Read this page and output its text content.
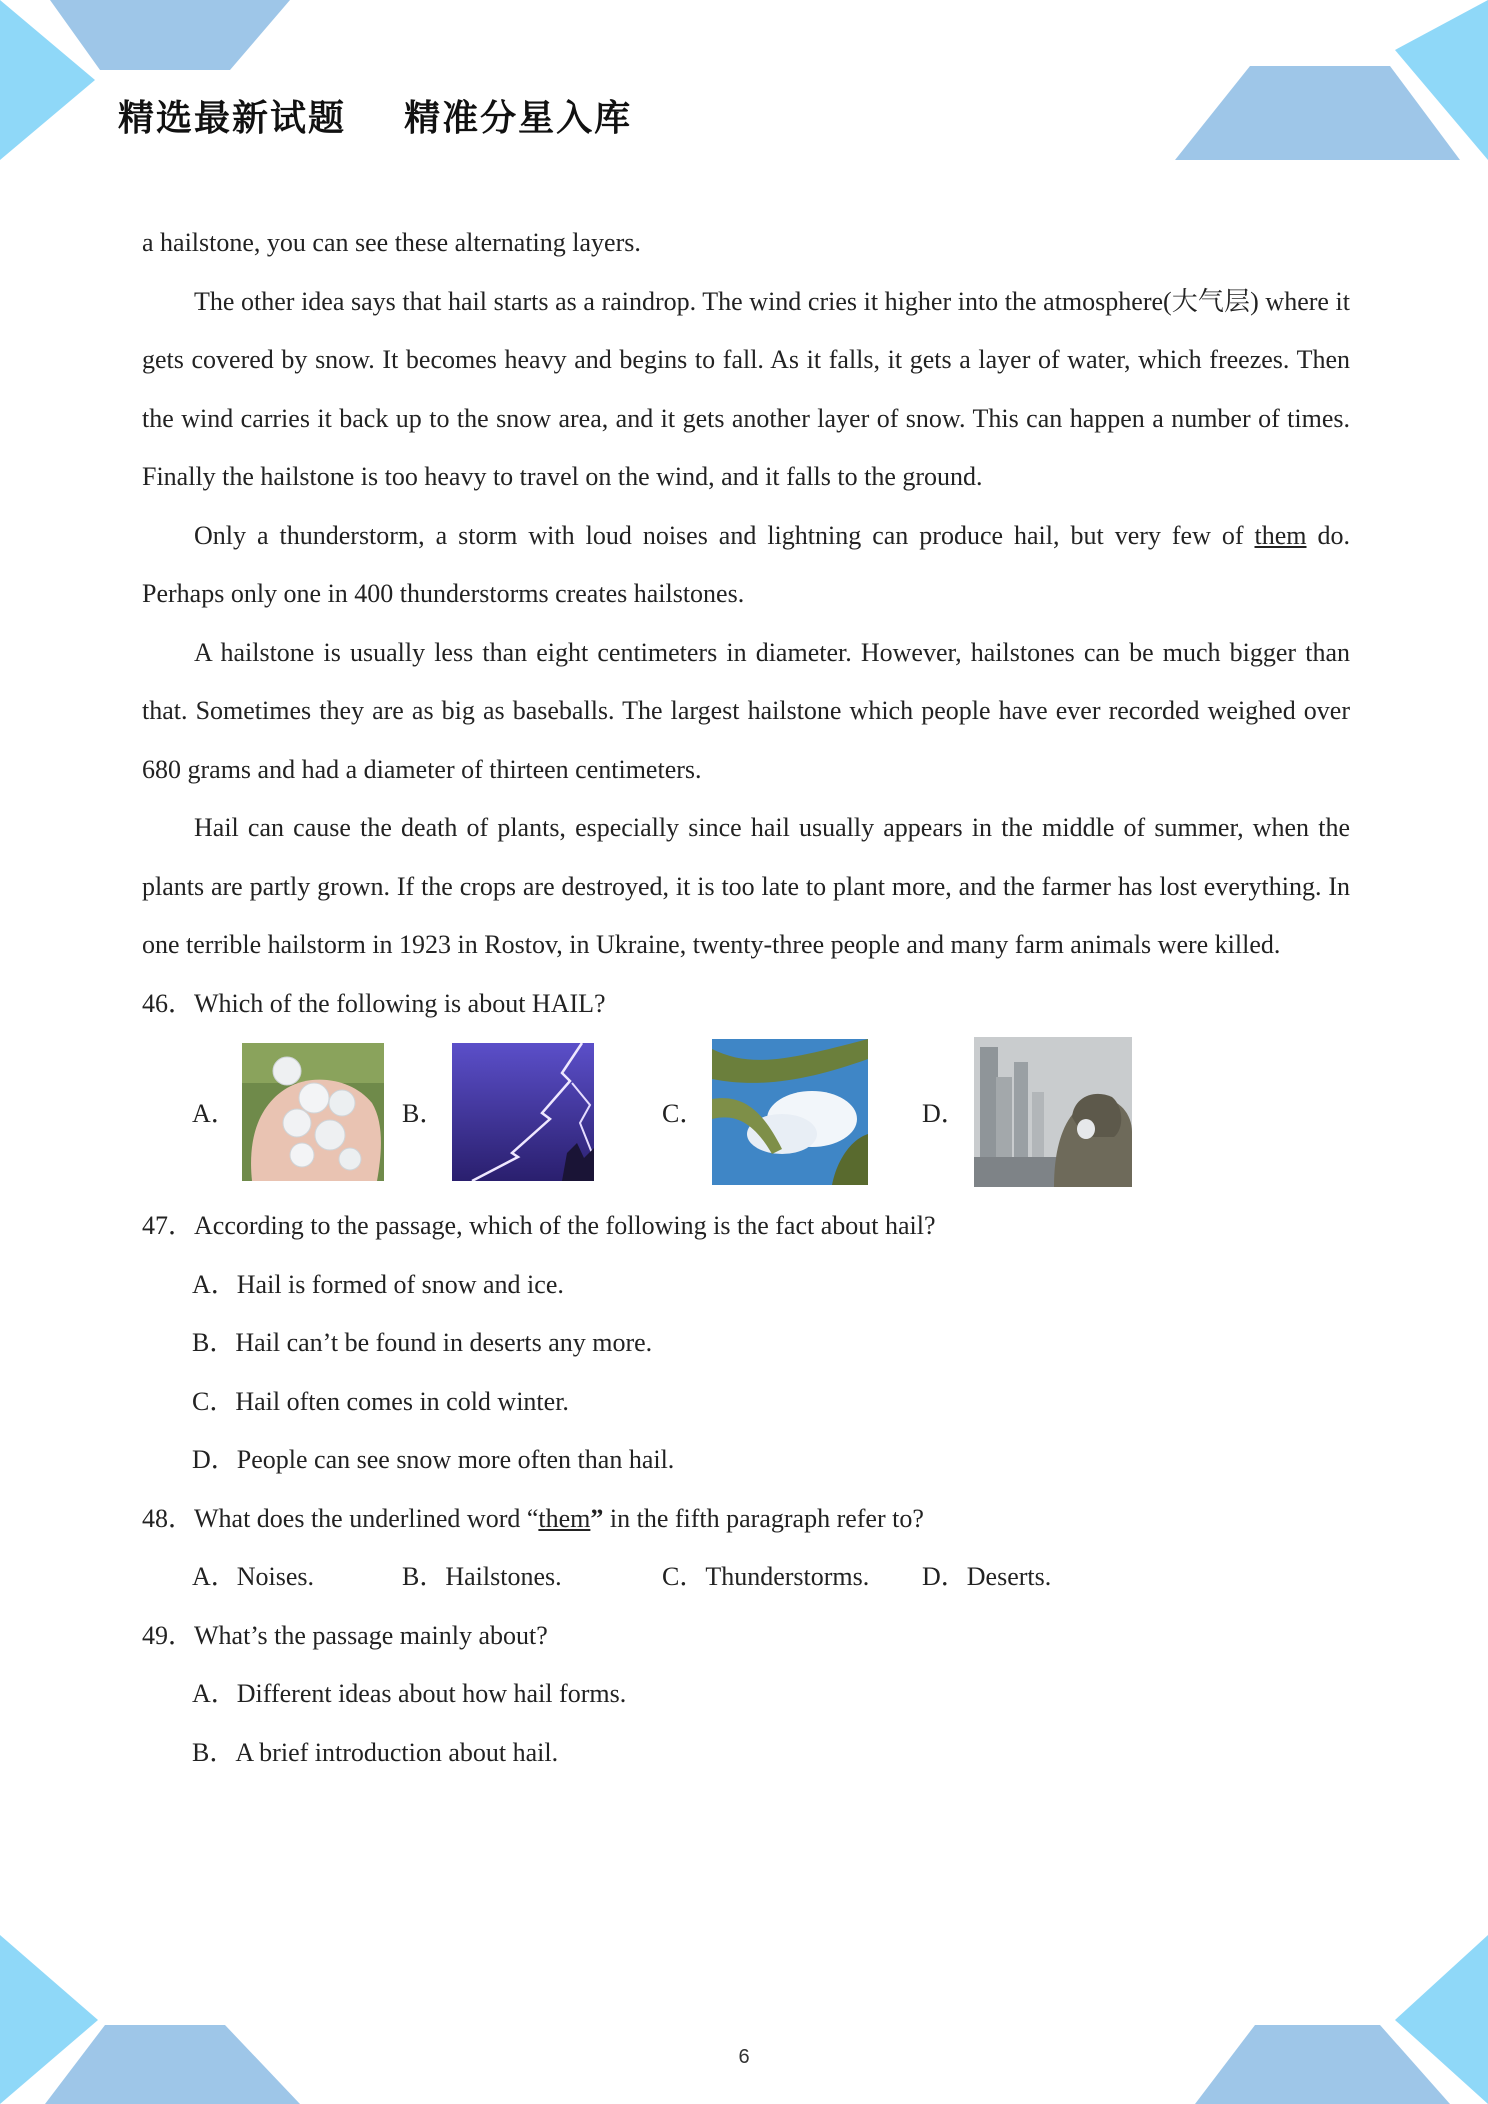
精选最新试题    精准分星入库

a hailstone, you can see these alternating layers.

The other idea says that hail starts as a raindrop. The wind cries it higher into the atmosphere(大气层) where it gets covered by snow. It becomes heavy and begins to fall. As it falls, it gets a layer of water, which freezes. Then the wind carries it back up to the snow area, and it gets another layer of snow. This can happen a number of times. Finally the hailstone is too heavy to travel on the wind, and it falls to the ground.

Only a thunderstorm, a storm with loud noises and lightning can produce hail, but very few of them do. Perhaps only one in 400 thunderstorms creates hailstones.

A hailstone is usually less than eight centimeters in diameter. However, hailstones can be much bigger than that. Sometimes they are as big as baseballs. The largest hailstone which people have ever recorded weighed over 680 grams and had a diameter of thirteen centimeters.

Hail can cause the death of plants, especially since hail usually appears in the middle of summer, when the plants are partly grown. If the crops are destroyed, it is too late to plant more, and the farmer has lost everything. In one terrible hailstorm in 1923 in Rostov, in Ukraine, twenty-three people and many farm animals were killed.

46．Which of the following is about HAIL?

A．	B．	C．	D．

47．According to the passage, which of the following is the fact about hail?

A．Hail is formed of snow and ice.

B．Hail can’t be found in deserts any more.

C．Hail often comes in cold winter.

D．People can see snow more often than hail.

48．What does the underlined word “them” in the fifth paragraph refer to?

A．Noises.	B．Hailstones.	C．Thunderstorms.	D．Deserts.

49．What’s the passage mainly about?

A．Different ideas about how hail forms.

B．A brief introduction about hail.

6
